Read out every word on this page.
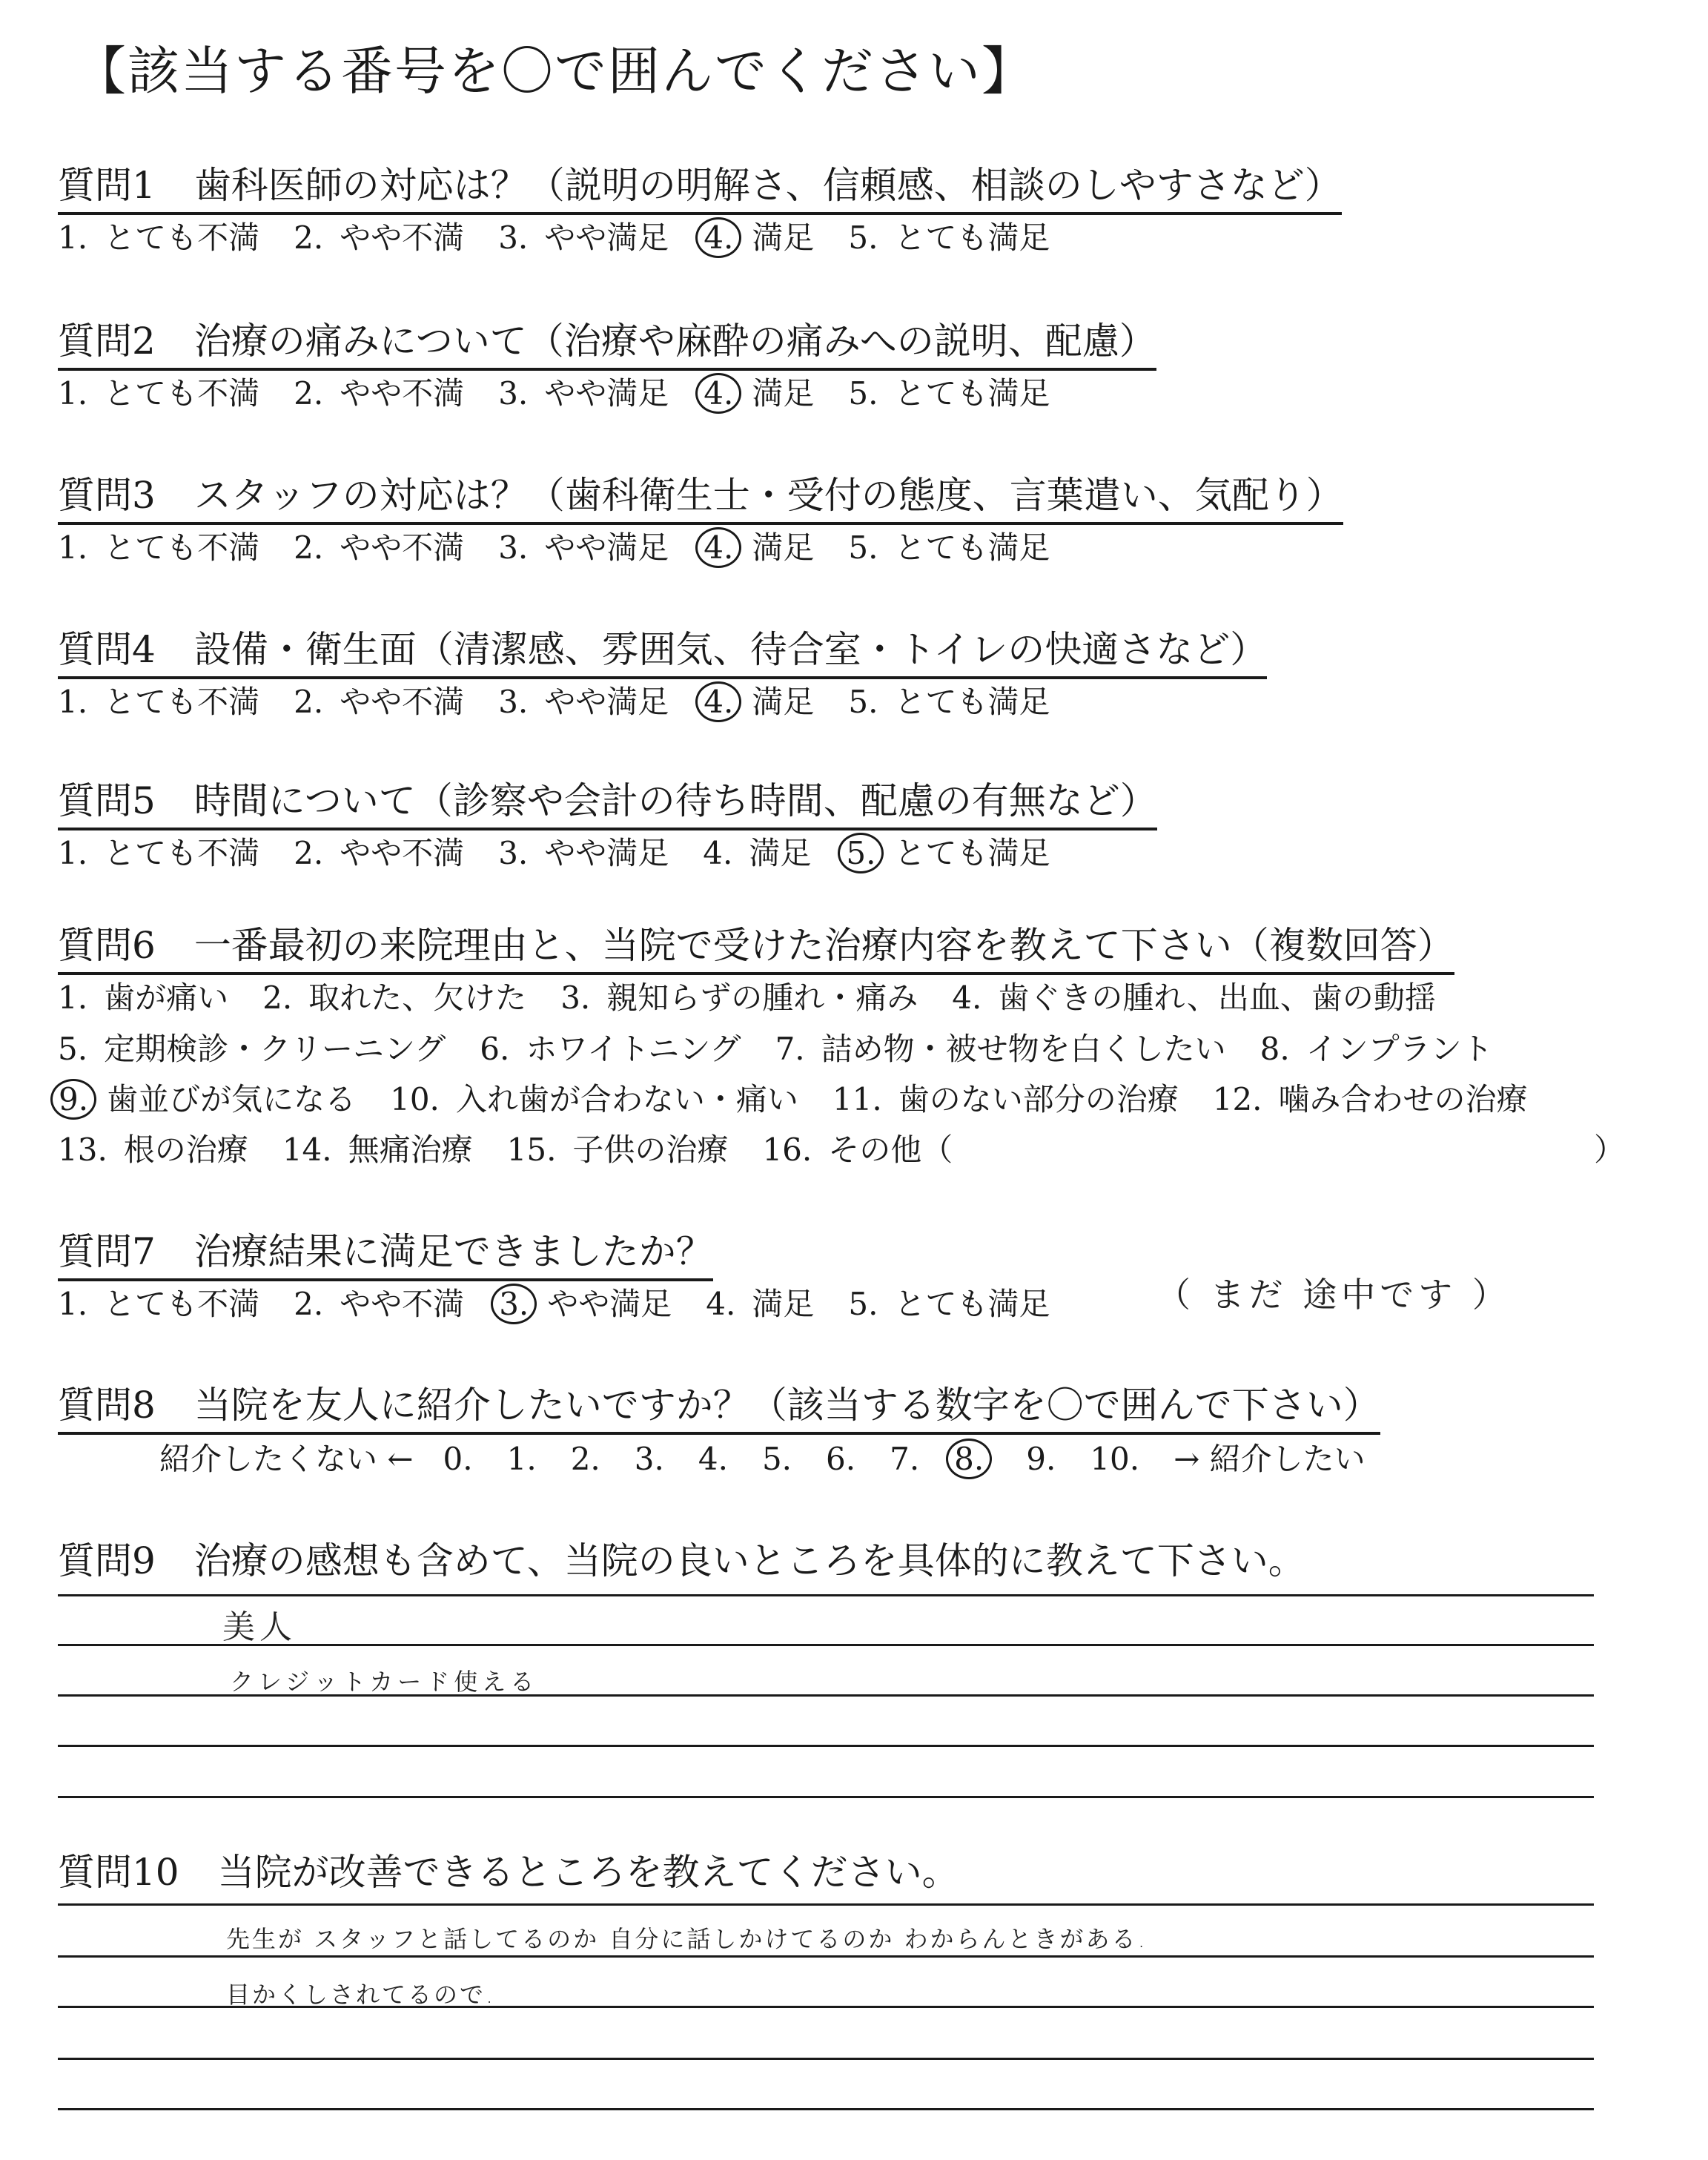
【該当する番号を〇で囲んでください】
質問1 歯科医師の対応は？（説明の明解さ、信頼感、相談のしやすさなど）
1. とても不満 2. やや不満 3. やや満足 4. 満足 5. とても満足
質問2 治療の痛みについて（治療や麻酔の痛みへの説明、配慮）
1. とても不満 2. やや不満 3. やや満足 4. 満足 5. とても満足
質問3 スタッフの対応は？（歯科衛生士・受付の態度、言葉遣い、気配り）
1. とても不満 2. やや不満 3. やや満足 4. 満足 5. とても満足
質問4 設備・衛生面（清潔感、雰囲気、待合室・トイレの快適さなど）
1. とても不満 2. やや不満 3. やや満足 4. 満足 5. とても満足
質問5 時間について（診察や会計の待ち時間、配慮の有無など）
1. とても不満 2. やや不満 3. やや満足 4. 満足 5. とても満足
質問6 一番最初の来院理由と、当院で受けた治療内容を教えて下さい（複数回答）
1. 歯が痛い 2. 取れた、欠けた 3. 親知らずの腫れ・痛み 4. 歯ぐきの腫れ、出血、歯の動揺
5. 定期検診・クリーニング 6. ホワイトニング 7. 詰め物・被せ物を白くしたい 8. インプラント
9. 歯並びが気になる 10. 入れ歯が合わない・痛い 11. 歯のない部分の治療 12. 噛み合わせの治療
13. 根の治療 14. 無痛治療 15. 子供の治療 16. その他（	）
質問7 治療結果に満足できましたか？
1. とても不満 2. やや不満 3. やや満足 4. 満足 5. とても満足	（ まだ 途中です ）
質問8 当院を友人に紹介したいですか？（該当する数字を〇で囲んで下さい）
紹介したくない ← 0. 1. 2. 3. 4. 5. 6. 7. 8. 9. 10. → 紹介したい
質問9 治療の感想も含めて、当院の良いところを具体的に教えて下さい。
美人
クレジットカード使える
質問10 当院が改善できるところを教えてください。
先生が スタッフと話してるのか 自分に話しかけてるのか わからんときがある.
目かくしされてるので.
